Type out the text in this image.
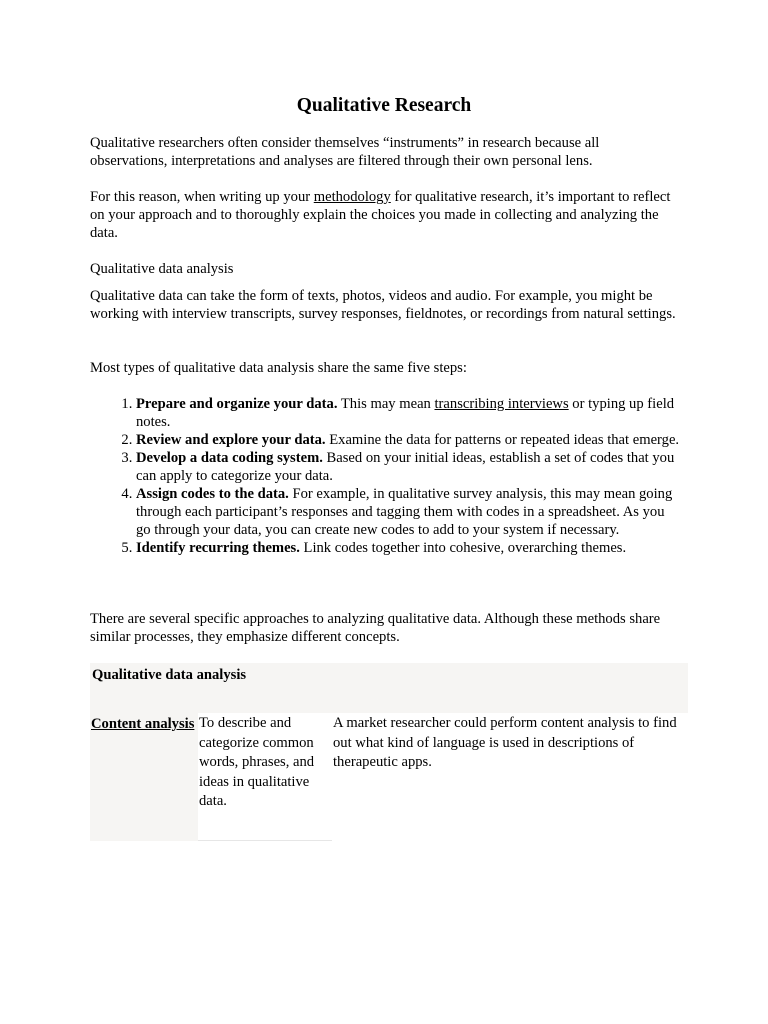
Qualitative Research

Qualitative researchers often consider themselves “instruments” in research because all observations, interpretations and analyses are filtered through their own personal lens.

For this reason, when writing up your methodology for qualitative research, it’s important to reflect on your approach and to thoroughly explain the choices you made in collecting and analyzing the data.

Qualitative data analysis

Qualitative data can take the form of texts, photos, videos and audio. For example, you might be working with interview transcripts, survey responses, fieldnotes, or recordings from natural settings.

Most types of qualitative data analysis share the same five steps:

1. Prepare and organize your data. This may mean transcribing interviews or typing up field notes.
2. Review and explore your data. Examine the data for patterns or repeated ideas that emerge.
3. Develop a data coding system. Based on your initial ideas, establish a set of codes that you can apply to categorize your data.
4. Assign codes to the data. For example, in qualitative survey analysis, this may mean going through each participant’s responses and tagging them with codes in a spreadsheet. As you go through your data, you can create new codes to add to your system if necessary.
5. Identify recurring themes. Link codes together into cohesive, overarching themes.

There are several specific approaches to analyzing qualitative data. Although these methods share similar processes, they emphasize different concepts.

Qualitative data analysis
Content analysis To describe and categorize common words, phrases, and ideas in qualitative data.
A market researcher could perform content analysis to find out what kind of language is used in descriptions of therapeutic apps.
